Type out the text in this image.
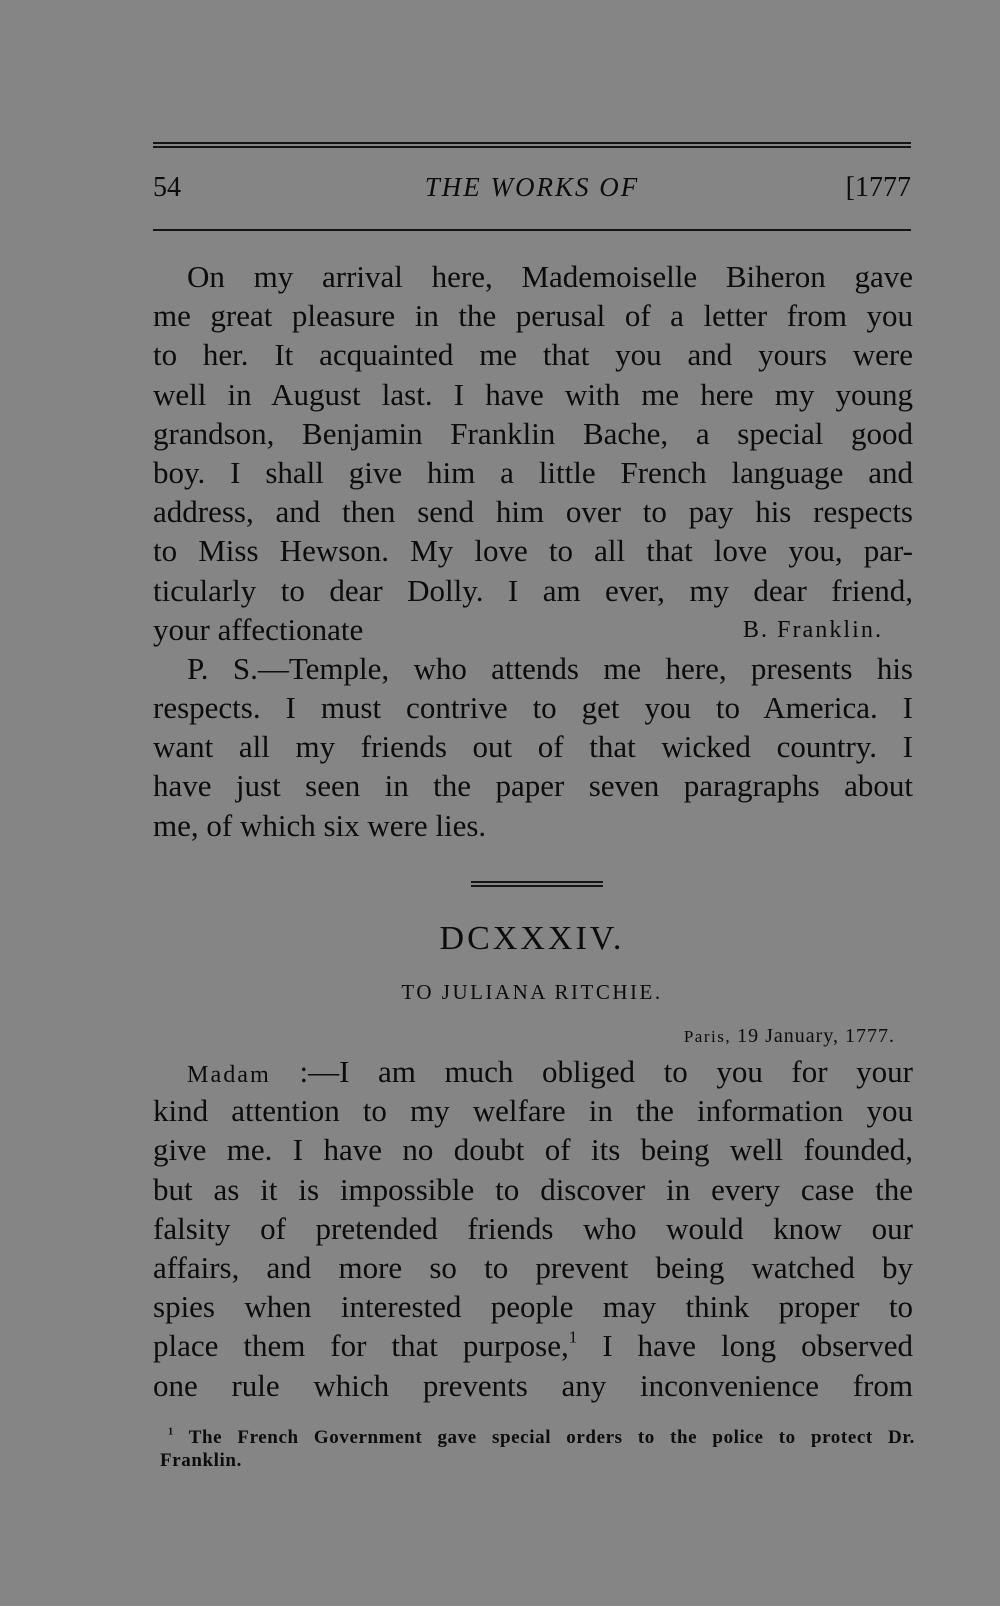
54	THE WORKS OF	[1777
On my arrival here, Mademoiselle Biheron gave
me great pleasure in the perusal of a letter from you
to her. It acquainted me that you and yours were
well in August last. I have with me here my young
grandson, Benjamin Franklin Bache, a special good
boy. I shall give him a little French language and
address, and then send him over to pay his respects
to Miss Hewson. My love to all that love you, par-
ticularly to dear Dolly. I am ever, my dear friend,
your affectionate	B. Franklin.
P. S.—Temple, who attends me here, presents his
respects. I must contrive to get you to America. I
want all my friends out of that wicked country. I
have just seen in the paper seven paragraphs about
me, of which six were lies.
DCXXXIV.
TO JULIANA RITCHIE.
Paris, 19 January, 1777.
Madam :—I am much obliged to you for your
kind attention to my welfare in the information you
give me. I have no doubt of its being well founded,
but as it is impossible to discover in every case the
falsity of pretended friends who would know our
affairs, and more so to prevent being watched by
spies when interested people may think proper to
place them for that purpose,$^1$ I have long observed
one rule which prevents any inconvenience from
$^1$ The French Government gave special orders to the police to protect Dr.
Franklin.
